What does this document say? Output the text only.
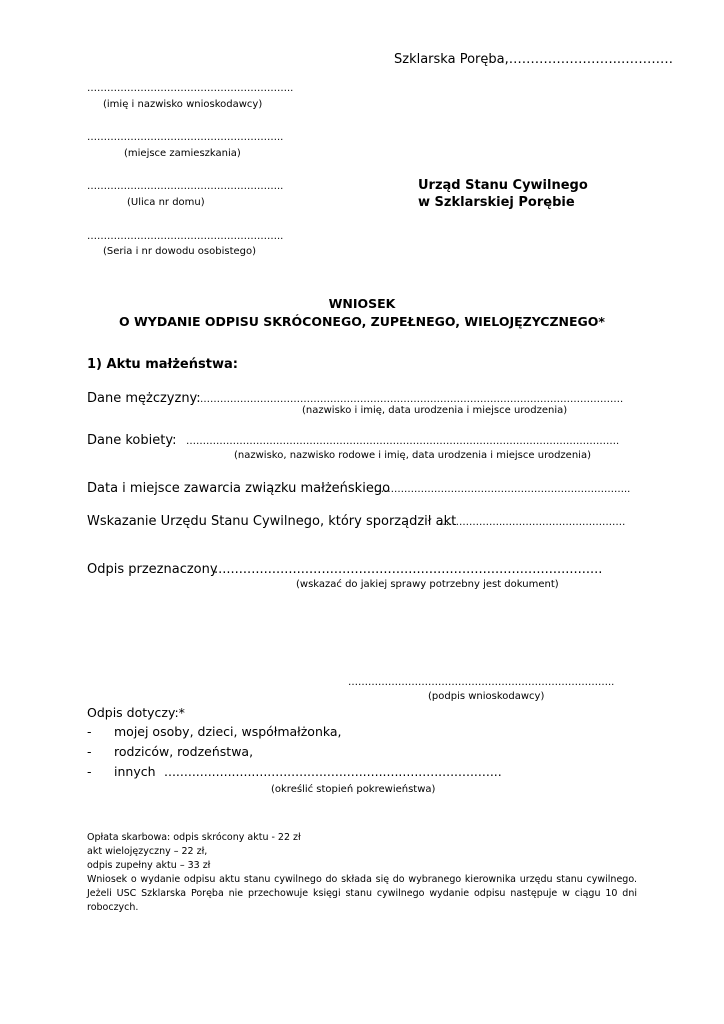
Szklarska Poręba,……………………..…………
……………………………………………………..
(imię i nazwisko wnioskodawcy)
…………………………………………………..
(miejsce zamieszkania)
…………………………………………………..
(Ulica nr domu)
…………………………………………………..
(Seria i nr dowodu osobistego)
Urząd Stanu Cywilnego
w Szklarskiej Porębie
WNIOSEK
O WYDANIE ODPISU SKRÓCONEGO, ZUPEŁNEGO, WIELOJĘZYCZNEGO*
1) Aktu małżeństwa:
Dane mężczyzny: ……………………………………………………………………………………………………………….
(nazwisko i imię, data urodzenia i miejsce urodzenia)
Dane kobiety: ………………………………………………………………………………………………………………….
(nazwisko, nazwisko rodowe i imię, data urodzenia i miejsce urodzenia)
Data i miejsce zawarcia związku małżeńskiego
…………………………………………………………………..
Wskazanie Urzędu Stanu Cywilnego, który sporządził akt
………………..………………………………
Odpis przeznaczony
..............................................................................................
(wskazać do jakiej sprawy potrzebny jest dokument)
……………………………………………………………………..
(podpis wnioskodawcy)
Odpis dotyczy:*
- mojej osoby, dzieci, współmałżonka,
- rodziców, rodzeństwa,
- innych .....................................................................................
(określić stopień pokrewieństwa)
Opłata skarbowa: odpis skrócony aktu - 22 zł
akt wielojęzyczny – 22 zł,
odpis zupełny aktu – 33 zł
Wniosek o wydanie odpisu aktu stanu cywilnego do składa się do wybranego kierownika urzędu stanu cywilnego. Jeżeli USC Szklarska Poręba nie przechowuje księgi stanu cywilnego wydanie odpisu następuje w ciągu 10 dni roboczych.
